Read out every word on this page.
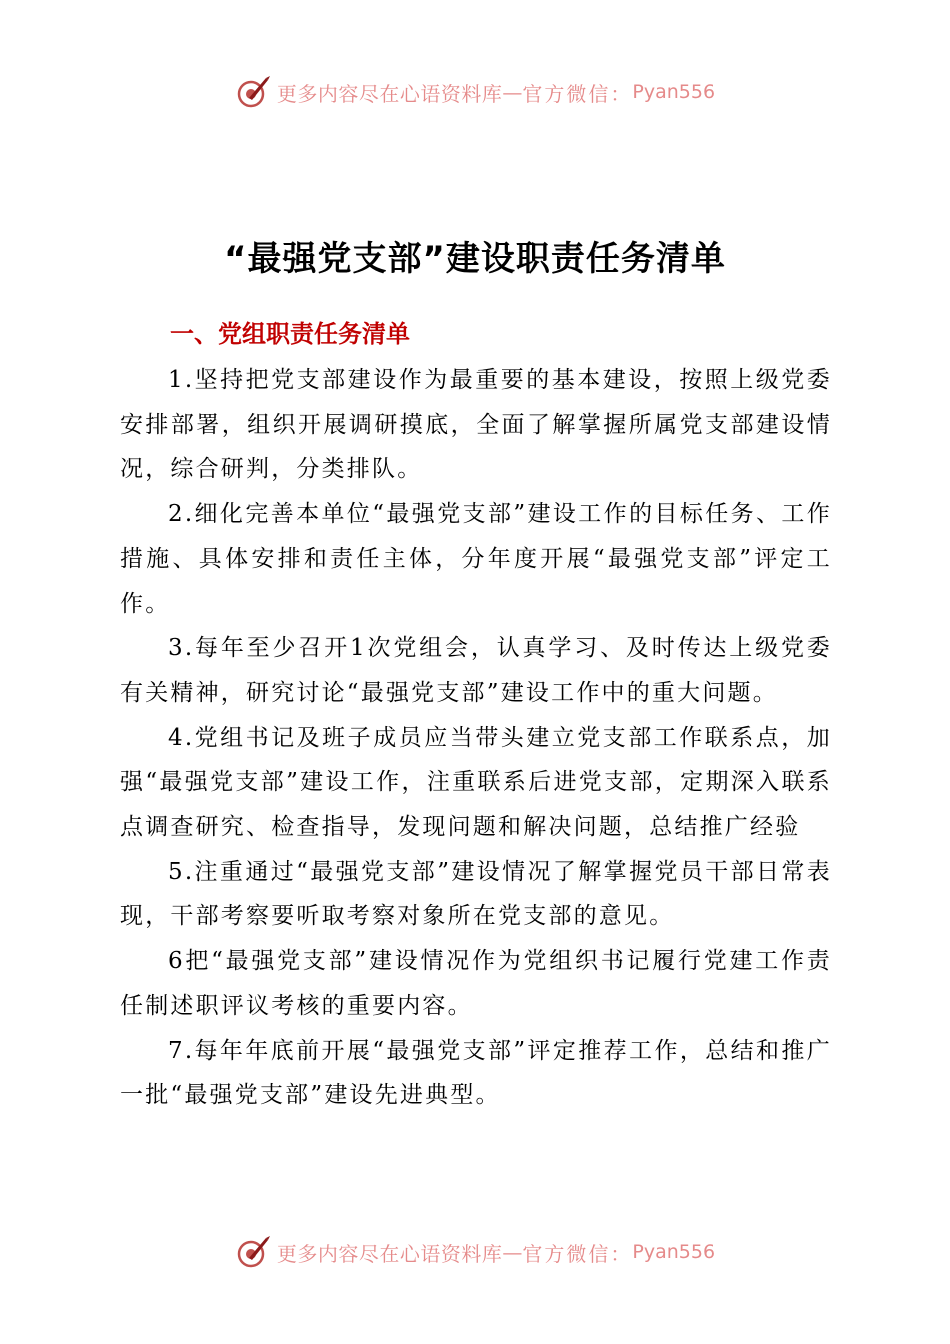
更多内容尽在心语资料库 — 官方微信： Pyan556
“最强党支部”建设职责任务清单
一、党组职责任务清单

1.坚持把党支部建设作为最重要的基本建设，按照上级党委安排部署，组织开展调研摸底，全面了解掌握所属党支部建设情况，综合研判，分类排队。

2.细化完善本单位“最强党支部”建设工作的目标任务、工作措施、具体安排和责任主体，分年度开展“最强党支部”评定工作。

3.每年至少召开1次党组会，认真学习、及时传达上级党委有关精神，研究讨论“最强党支部”建设工作中的重大问题。

4.党组书记及班子成员应当带头建立党支部工作联系点，加强“最强党支部”建设工作，注重联系后进党支部，定期深入联系点调查研究、检查指导，发现问题和解决问题，总结推广经验

5.注重通过“最强党支部”建设情况了解掌握党员干部日常表现，干部考察要听取考察对象所在党支部的意见。

6把“最强党支部”建设情况作为党组织书记履行党建工作责任制述职评议考核的重要内容。

7.每年年底前开展“最强党支部”评定推荐工作，总结和推广一批“最强党支部”建设先进典型。

更多内容尽在心语资料库 — 官方微信： Pyan556
